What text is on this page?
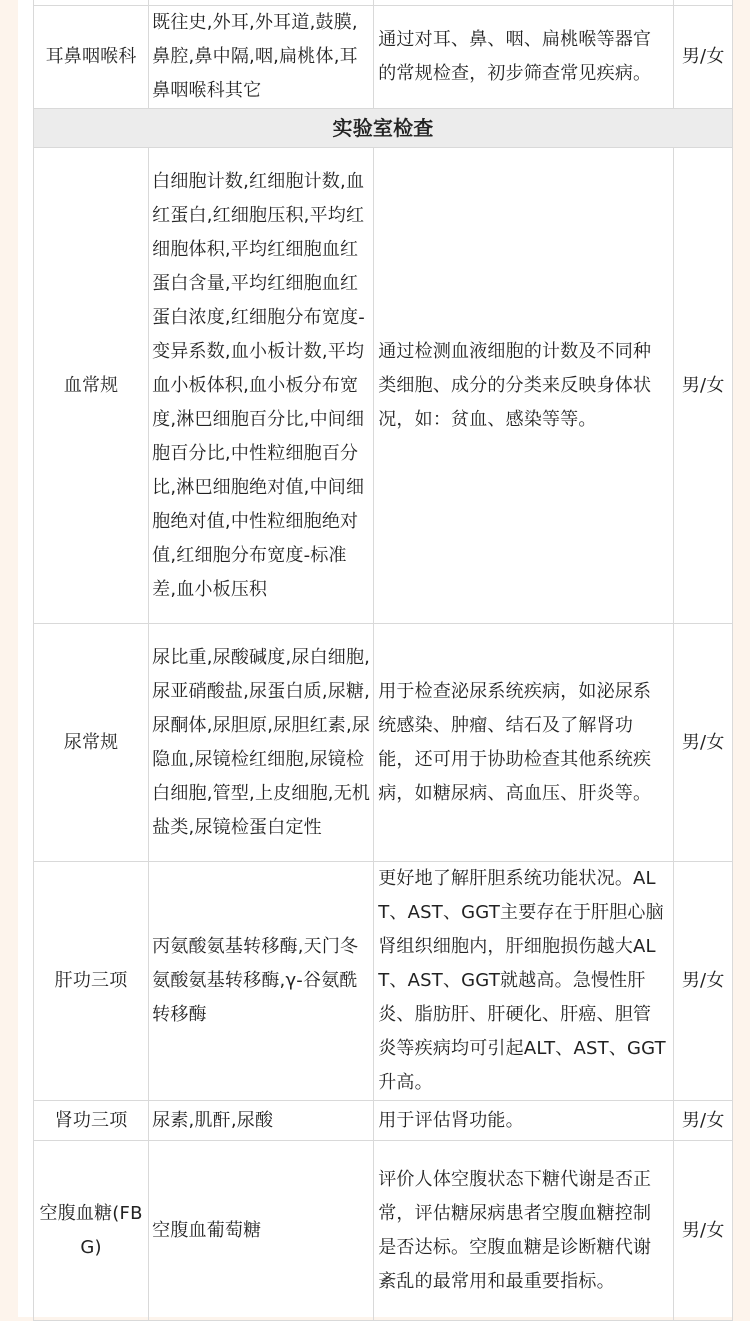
耳鼻咽喉科	既往史,外耳,外耳道,鼓膜,鼻腔,鼻中隔,咽,扁桃体,耳鼻咽喉科其它	通过对耳、鼻、咽、扁桃喉等器官的常规检查，初步筛查常见疾病。	男/女
实验室检查			
血常规	白细胞计数,红细胞计数,血红蛋白,红细胞压积,平均红细胞体积,平均红细胞血红蛋白含量,平均红细胞血红蛋白浓度,红细胞分布宽度-变异系数,血小板计数,平均血小板体积,血小板分布宽度,淋巴细胞百分比,中间细胞百分比,中性粒细胞百分比,淋巴细胞绝对值,中间细胞绝对值,中性粒细胞绝对值,红细胞分布宽度-标准差,血小板压积	通过检测血液细胞的计数及不同种类细胞、成分的分类来反映身体状况，如：贫血、感染等等。	男/女
尿常规	尿比重,尿酸碱度,尿白细胞,尿亚硝酸盐,尿蛋白质,尿糖,尿酮体,尿胆原,尿胆红素,尿隐血,尿镜检红细胞,尿镜检白细胞,管型,上皮细胞,无机盐类,尿镜检蛋白定性	用于检查泌尿系统疾病，如泌尿系统感染、肿瘤、结石及了解肾功能，还可用于协助检查其他系统疾病，如糖尿病、高血压、肝炎等。	男/女
肝功三项	丙氨酸氨基转移酶,天门冬氨酸氨基转移酶,γ-谷氨酰转移酶	更好地了解肝胆系统功能状况。ALT、AST、GGT主要存在于肝胆心脑肾组织细胞内，肝细胞损伤越大ALT、AST、GGT就越高。急慢性肝炎、脂肪肝、肝硬化、肝癌、胆管炎等疾病均可引起ALT、AST、GGT升高。	男/女
肾功三项	尿素,肌酐,尿酸	用于评估肾功能。	男/女
空腹血糖(FBG)	空腹血葡萄糖	评价人体空腹状态下糖代谢是否正常，评估糖尿病患者空腹血糖控制是否达标。空腹血糖是诊断糖代谢紊乱的最常用和最重要指标。	男/女
